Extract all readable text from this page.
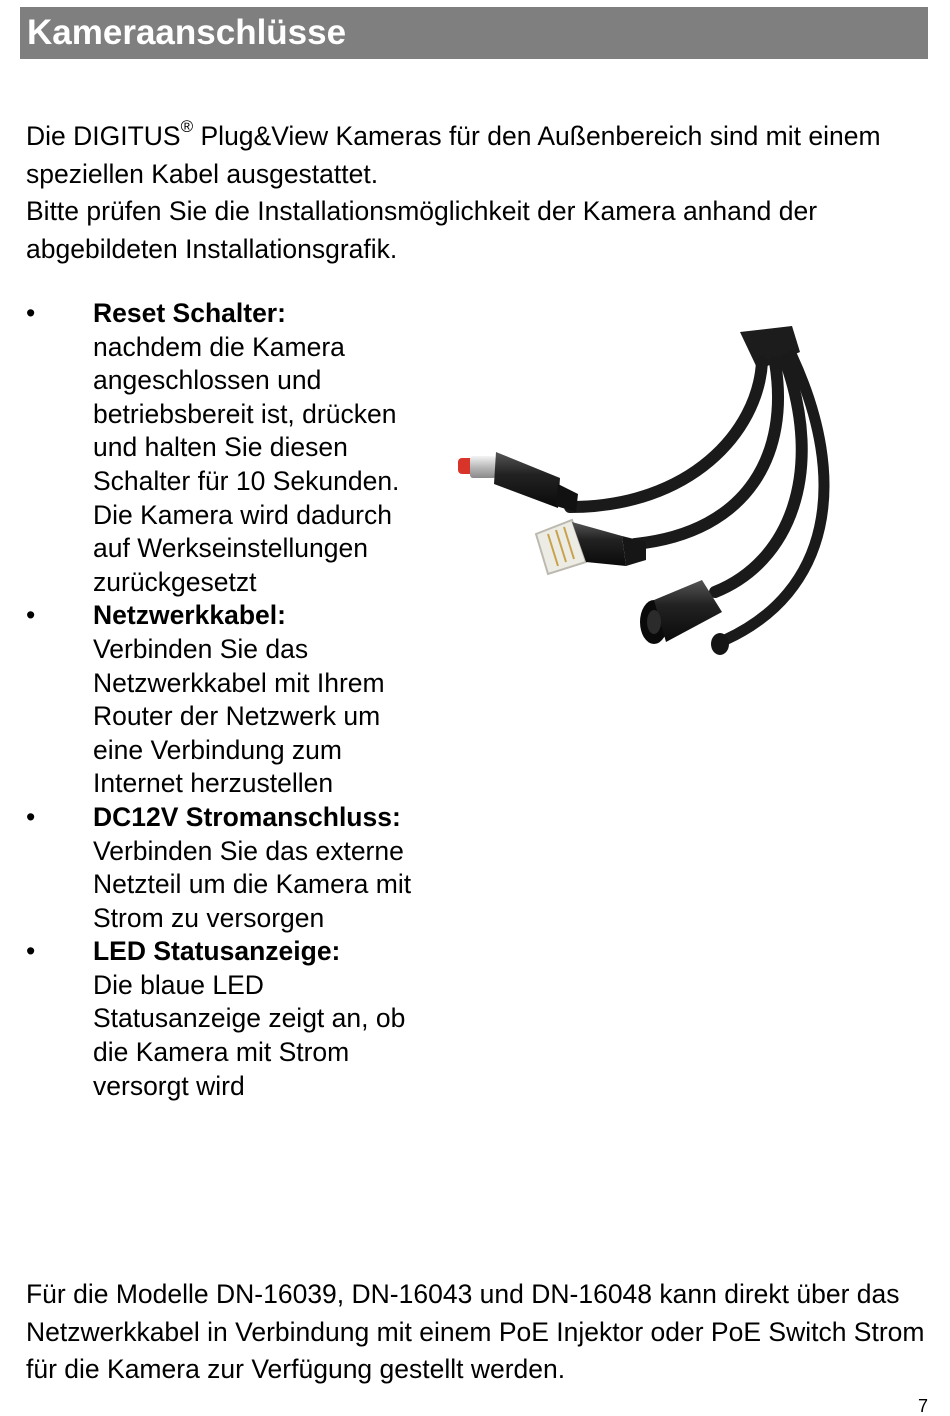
Kameraanschlüsse

Die DIGITUS® Plug&View Kameras für den Außenbereich sind mit einem speziellen Kabel ausgestattet.

Bitte prüfen Sie die Installationsmöglichkeit der Kamera anhand der abgebildeten Installationsgrafik.

•	Reset Schalter:
nachdem die Kamera angeschlossen und betriebsbereit ist, drücken und halten Sie diesen Schalter für 10 Sekunden. Die Kamera wird dadurch auf Werkseinstellungen zurückgesetzt
•	Netzwerkkabel:
Verbinden Sie das Netzwerkkabel mit Ihrem Router der Netzwerk um eine Verbindung zum Internet herzustellen
•	DC12V Stromanschluss:
Verbinden Sie das externe Netzteil um die Kamera mit Strom zu versorgen
•	LED Statusanzeige:
Die blaue LED Statusanzeige zeigt an, ob die Kamera mit Strom versorgt wird
Für die Modelle DN-16039, DN-16043 und DN-16048 kann direkt über das Netzwerkkabel in Verbindung mit einem PoE Injektor oder PoE Switch Strom für die Kamera zur Verfügung gestellt werden.
7
